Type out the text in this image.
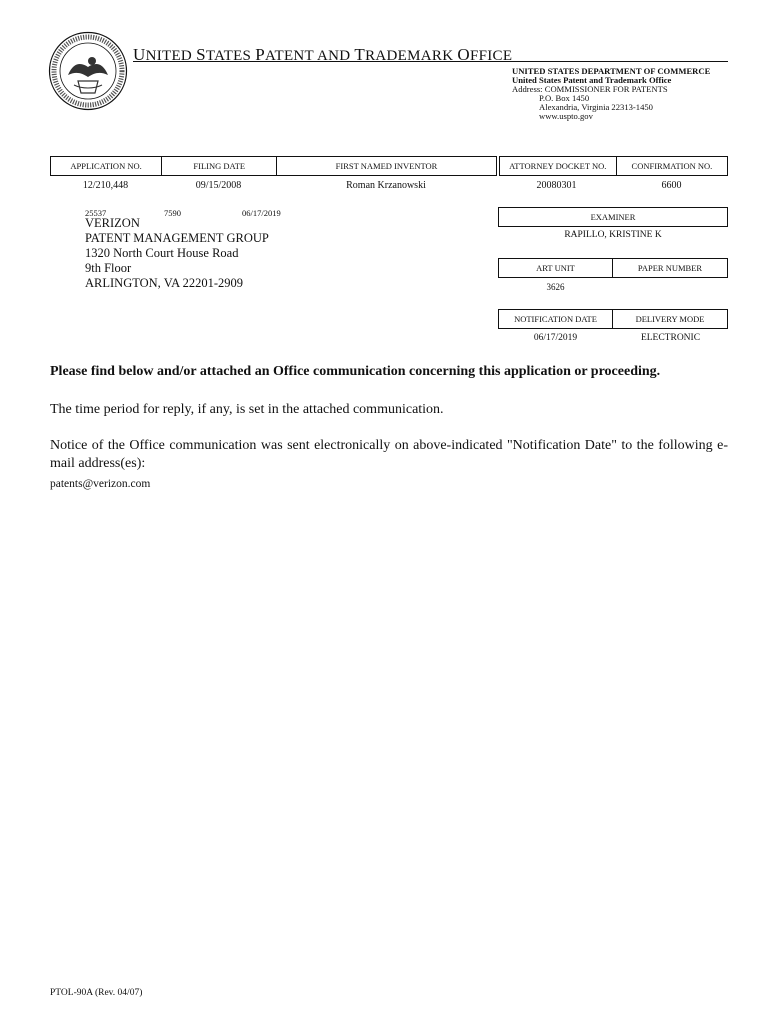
UNITED STATES PATENT AND TRADEMARK OFFICE
UNITED STATES DEPARTMENT OF COMMERCE
United States Patent and Trademark Office
Address: COMMISSIONER FOR PATENTS
P.O. Box 1450
Alexandria, Virginia 22313-1450
www.uspto.gov
APPLICATION NO.	FILING DATE	FIRST NAMED INVENTOR	ATTORNEY DOCKET NO.	CONFIRMATION NO.
12/210,448	09/15/2008	Roman Krzanowski	20080301	6600
25537	7590	06/17/2019
VERIZON
PATENT MANAGEMENT GROUP
1320 North Court House Road
9th Floor
ARLINGTON, VA 22201-2909
EXAMINER
RAPILLO, KRISTINE K
ART UNIT	PAPER NUMBER
3626
NOTIFICATION DATE	DELIVERY MODE
06/17/2019	ELECTRONIC
Please find below and/or attached an Office communication concerning this application or proceeding.
The time period for reply, if any, is set in the attached communication.
Notice of the Office communication was sent electronically on above-indicated "Notification Date" to the following e-mail address(es):
patents@verizon.com
PTOL-90A (Rev. 04/07)
